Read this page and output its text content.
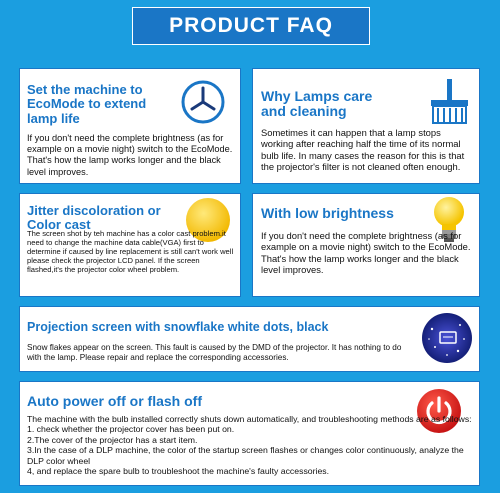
PRODUCT FAQ
Set the machine to EcoMode to extend lamp life
If you don't need the complete brightness (as for example on a movie night) switch to the EcoMode. That's how the lamp works longer and the black level improves.
Why Lamps care and cleaning
Sometimes it can happen that a lamp stops working after reaching half the time of its normal bulb life. In many cases the reason for this is that the projector's filter is not cleaned often enough.
Jitter discoloration or Color cast
The screen shot by teh machine has a color cast problem.it need to change the machine data cable(VGA) first to determine if caused by line replacement is still can't work well please check the projector LCD panel. If the screen flashed,it's the projector color wheel problem.
With low brightness
If you don't need the complete brightness (as for example on a movie night) switch to the EcoMode. That's how the lamp works longer and the black level improves.
Projection screen with snowflake white dots, black
Snow flakes appear on the screen. This fault is caused by the DMD of the projector. It has nothing to do with the lamp. Please repair and replace the corresponding accessories.
Auto power off or flash off
The machine with the bulb installed correctly shuts down automatically, and troubleshooting methods are as follows:
1. check whether the projector cover has been put on.
2.The cover of the projector has a start item.
3.In the case of a DLP machine, the color of the startup screen flashes or changes color continuously, analyze the DLP color wheel
4, and replace the spare bulb to troubleshoot the machine's faulty accessories.
